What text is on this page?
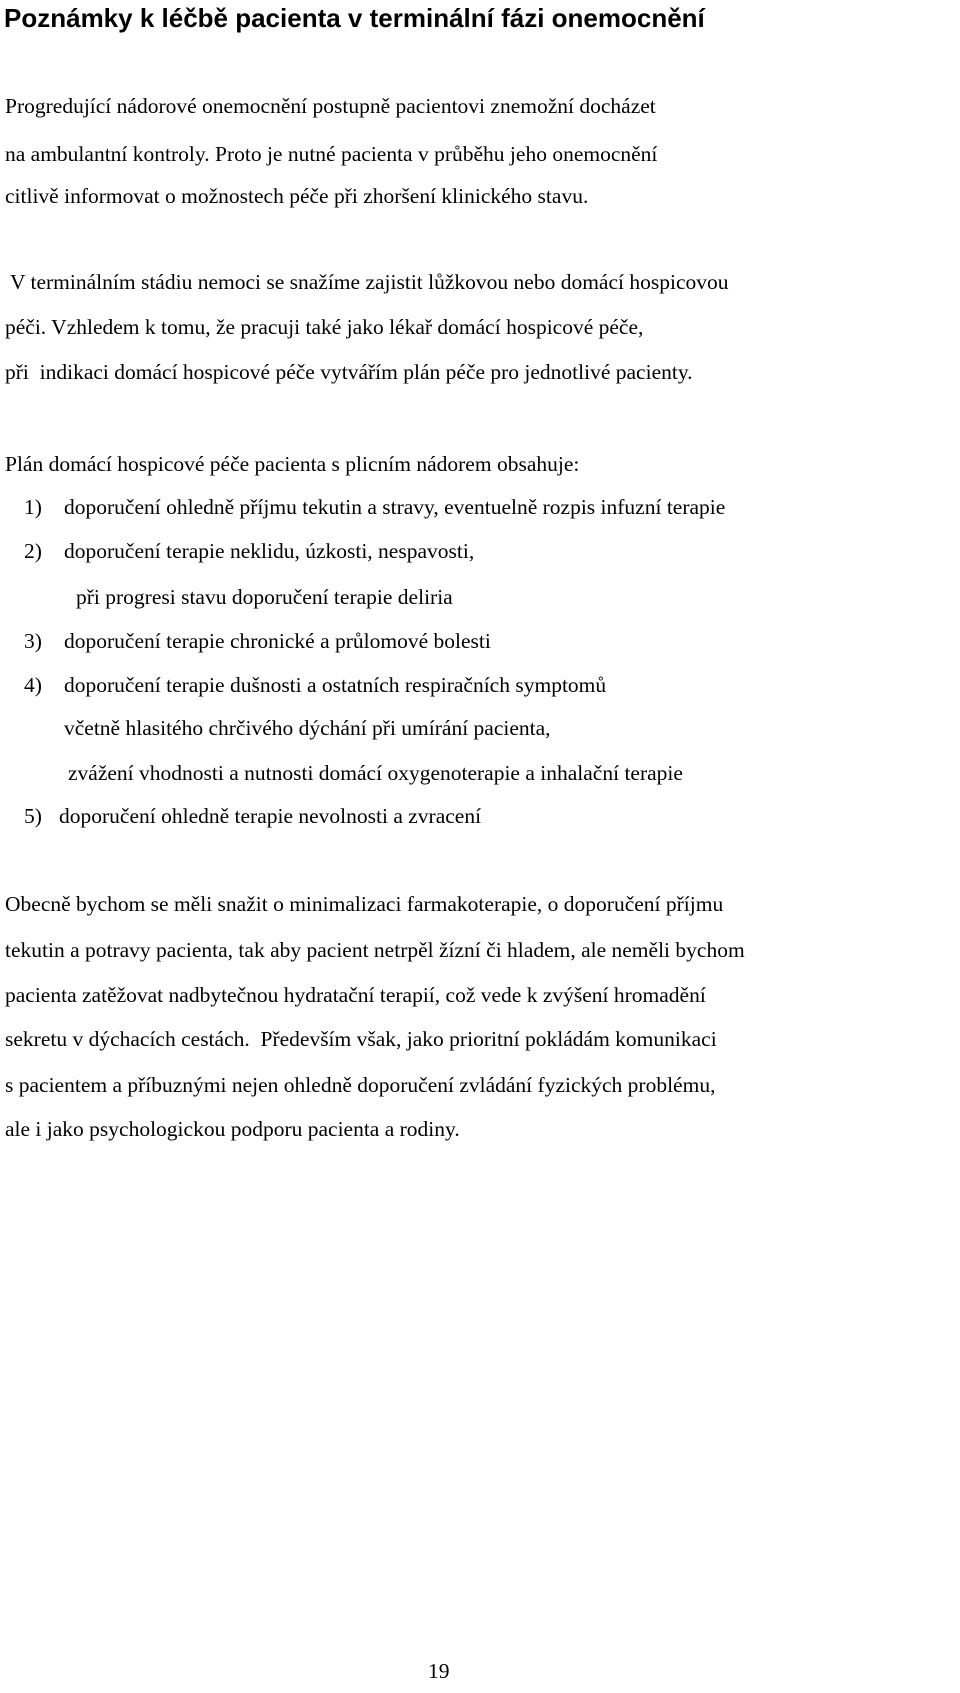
Poznámky k léčbě pacienta v terminální fázi onemocnění
Progredující nádorové onemocnění postupně pacientovi znemožní docházet
na ambulantní kontroly. Proto je nutné pacienta v průběhu jeho onemocnění
citlivě informovat o možnostech péče při zhoršení klinického stavu.
V terminálním stádiu nemoci se snažíme zajistit lůžkovou nebo domácí hospicovou
péči. Vzhledem k tomu, že pracuji také jako lékař domácí hospicové péče,
při  indikaci domácí hospicové péče vytvářím plán péče pro jednotlivé pacienty.
Plán domácí hospicové péče pacienta s plicním nádorem obsahuje:
1) doporučení ohledně příjmu tekutin a stravy, eventuelně rozpis infuzní terapie
2) doporučení terapie neklidu, úzkosti, nespavosti,
při progresi stavu doporučení terapie deliria
3) doporučení terapie chronické a průlomové bolesti
4) doporučení terapie dušnosti a ostatních respiračních symptomů
včetně hlasitého chrčivého dýchání při umírání pacienta,
zvážení vhodnosti a nutnosti domácí oxygenoterapie a inhalační terapie
5) doporučení ohledně terapie nevolnosti a zvracení
Obecně bychom se měli snažit o minimalizaci farmakoterapie, o doporučení příjmu
tekutin a potravy pacienta, tak aby pacient netrpěl žízní či hladem, ale neměli bychom
pacienta zatěžovat nadbytečnou hydratační terapií, což vede k zvýšení hromadění
sekretu v dýchacích cestách.  Především však, jako prioritní pokládám komunikaci
s pacientem a příbuznými nejen ohledně doporučení zvládání fyzických problému,
ale i jako psychologickou podporu pacienta a rodiny.
19
